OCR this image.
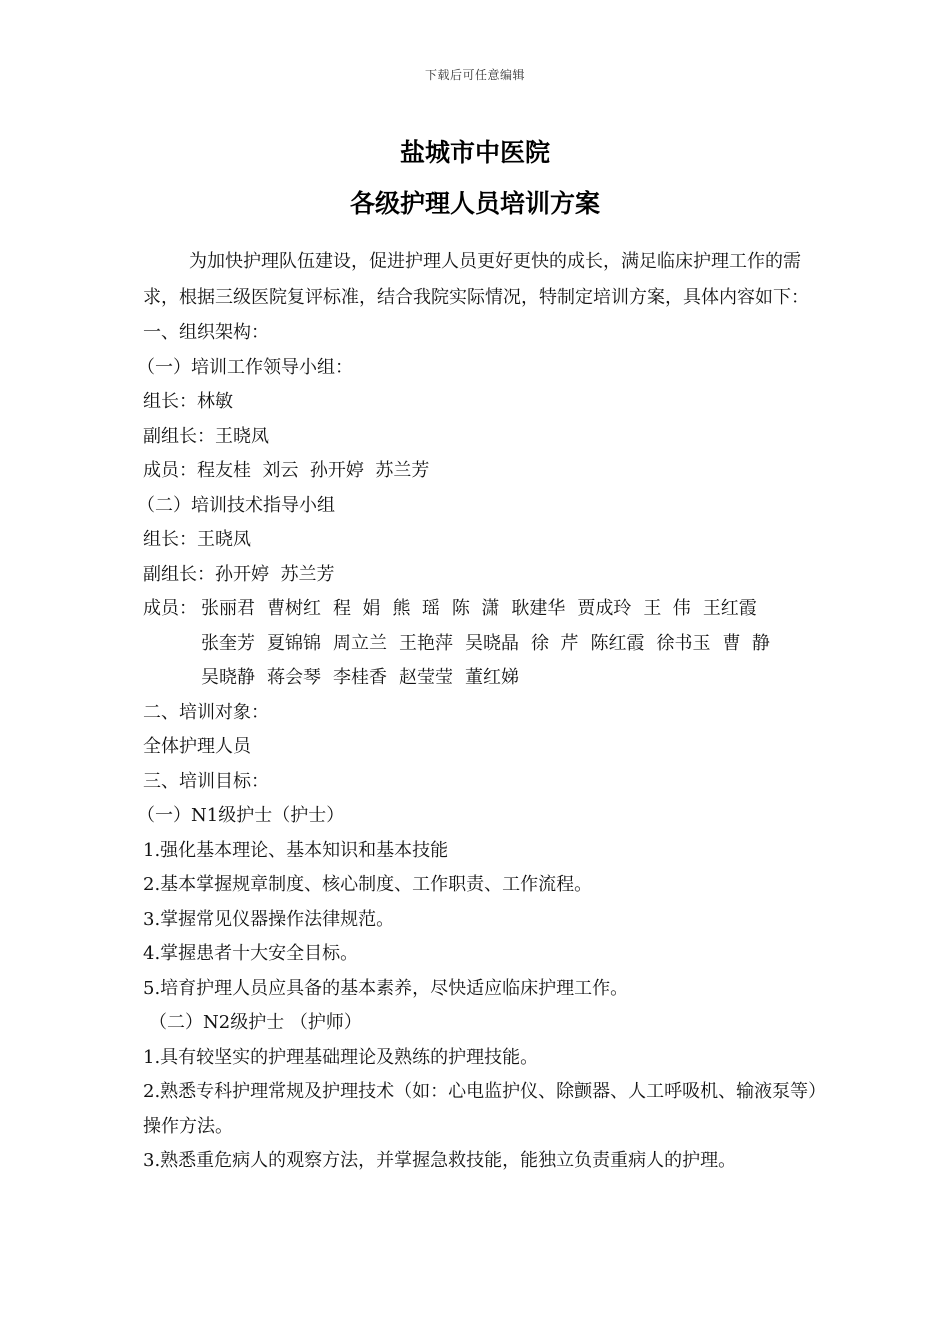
下载后可任意编辑
盐城市中医院
各级护理人员培训方案

为加快护理队伍建设，促进护理人员更好更快的成长，满足临床护理工作的需求，根据三级医院复评标准，结合我院实际情况，特制定培训方案，具体内容如下：

一、组织架构：

（一）培训工作领导小组：

组长：林敏

副组长：王晓凤

成员：程友桂  刘云  孙开婷  苏兰芳

（二）培训技术指导小组

组长：王晓凤

副组长：孙开婷  苏兰芳

成员： 张丽君 曹树红 程  娟 熊  瑶 陈  潇 耿建华 贾成玲 王  伟 王红霞
张奎芳 夏锦锦 周立兰 王艳萍 吴晓晶 徐  芹 陈红霞 徐书玉 曹  静
吴晓静 蒋会琴 李桂香 赵莹莹 董红娣

二、培训对象：

全体护理人员

三、培训目标：

（一）N1级护士（护士）

1.强化基本理论、基本知识和基本技能

2.基本掌握规章制度、核心制度、工作职责、工作流程。

3.掌握常见仪器操作法律规范。

4.掌握患者十大安全目标。

5.培育护理人员应具备的基本素养，尽快适应临床护理工作。

（二）N2级护士 （护师）

1.具有较坚实的护理基础理论及熟练的护理技能。

2.熟悉专科护理常规及护理技术（如：心电监护仪、除颤器、人工呼吸机、输液泵等）操作方法。

3.熟悉重危病人的观察方法，并掌握急救技能，能独立负责重病人的护理。
